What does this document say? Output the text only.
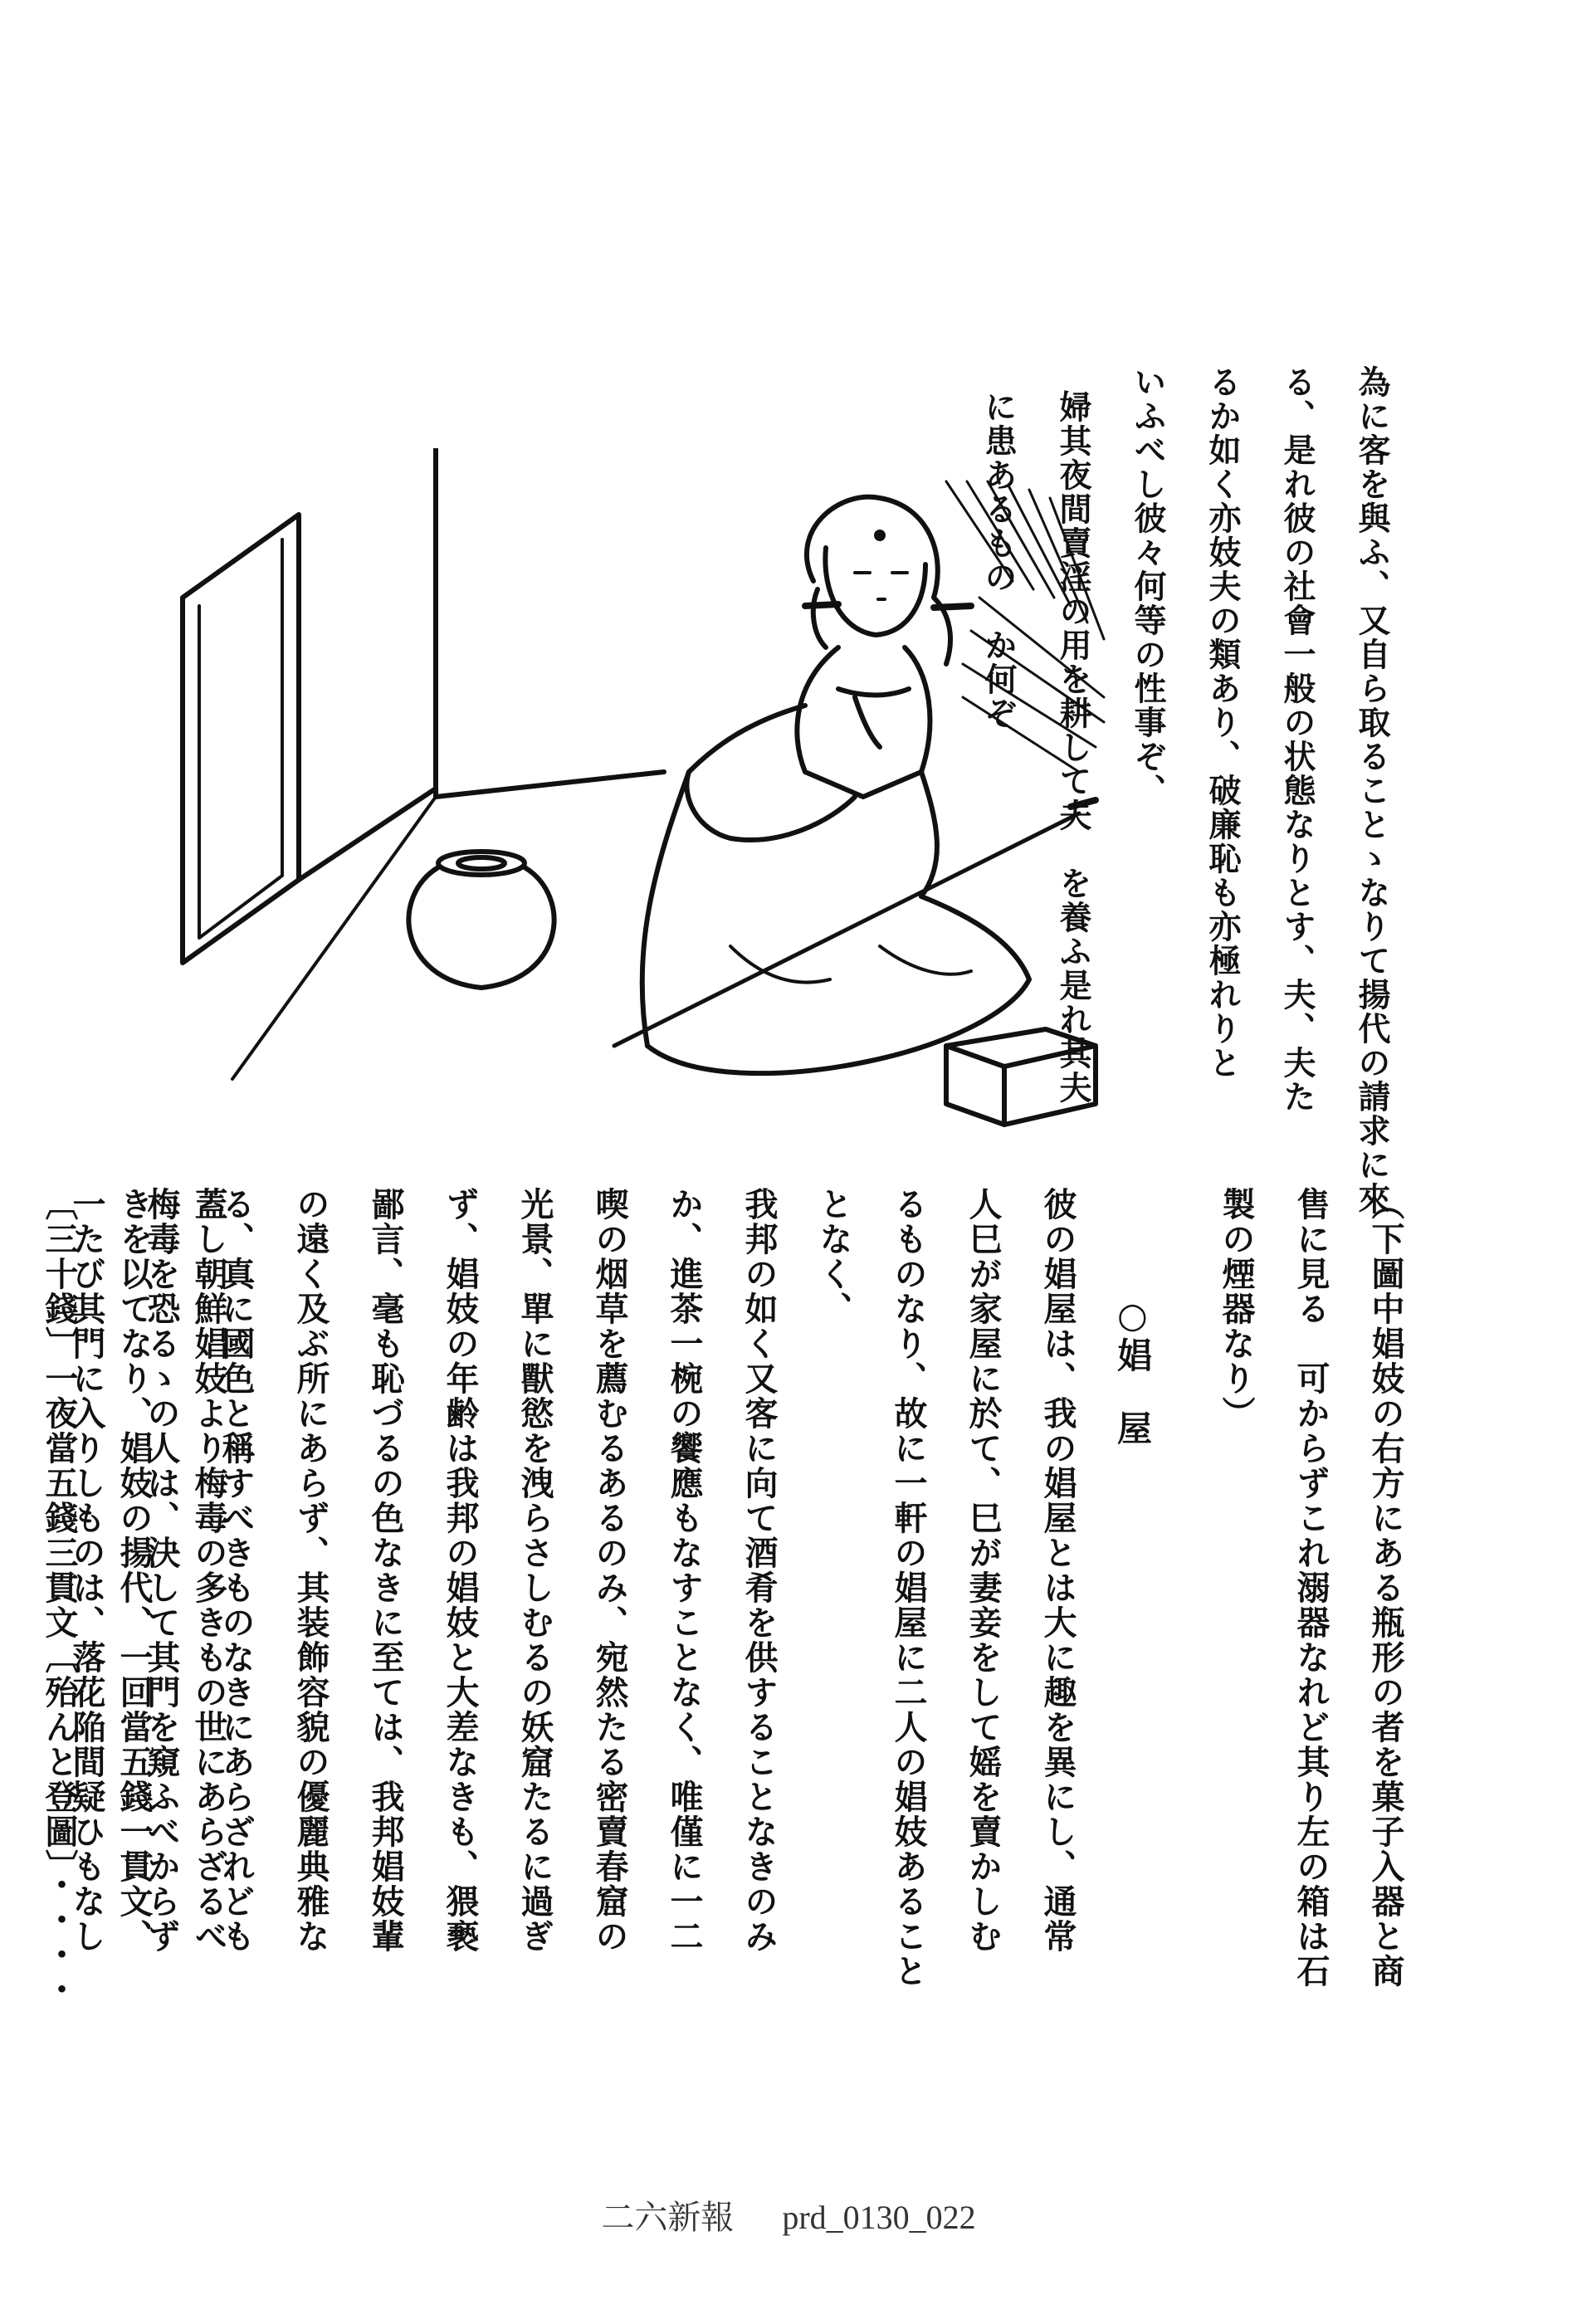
為に客を與ふ、又自ら取ることゝなりて揚代の請求に來
る、是れ彼の社會一般の状態なりとす、夫、夫た
るか如く亦妓夫の類あり、破廉恥も亦極れりと
いふべし彼々何等の性事ぞ、
婦其夜間賣淫の用を耕して夫　を養ふ是れ其夫
に患あるもの　か何ぞ
（下圖中娼妓の右方にある瓶形の者を菓子入器と商
售に見る　可からずこれ溺器なれど其り左の箱は石
製の煙器なり）
○娼　屋
彼の娼屋は、我の娼屋とは大に趣を異にし、通常
人巳が家屋に於て、巳が妻妾をして媱を賣かしむ
るものなり、故に一軒の娼屋に二人の娼妓あること
となく、
我邦の如く又客に向て酒肴を供することなきのみ
か、進茶一椀の饗應もなすことなく、唯僅に一二
喫の烟草を薦むるあるのみ、宛然たる密賣春窟の
光景、單に獸慾を洩らさしむるの妖窟たるに過ぎ
ず、娼妓の年齢は我邦の娼妓と大差なきも、猥褻
鄙言、毫も恥づるの色なきに至ては、我邦娼妓輩
の遠く及ぶ所にあらず、其装飾容貌の優麗典雅な
る、真に國色と稱すべきものなきにあらざれども
梅毒を恐るゝの人は、決して其門を窺ふべからず
一たび其門に入りしものは、落花陥間疑ひもなし	蓋し朝鮮娼妓より梅毒の多きもの世にあらざるべ
きを以てなり、娼妓の揚代、一回當五錢一貫文、
〔三十錢〕一夜當五錢三貫文〔殆んと登圖〕・・・・
二六新報 prd_0130_022
